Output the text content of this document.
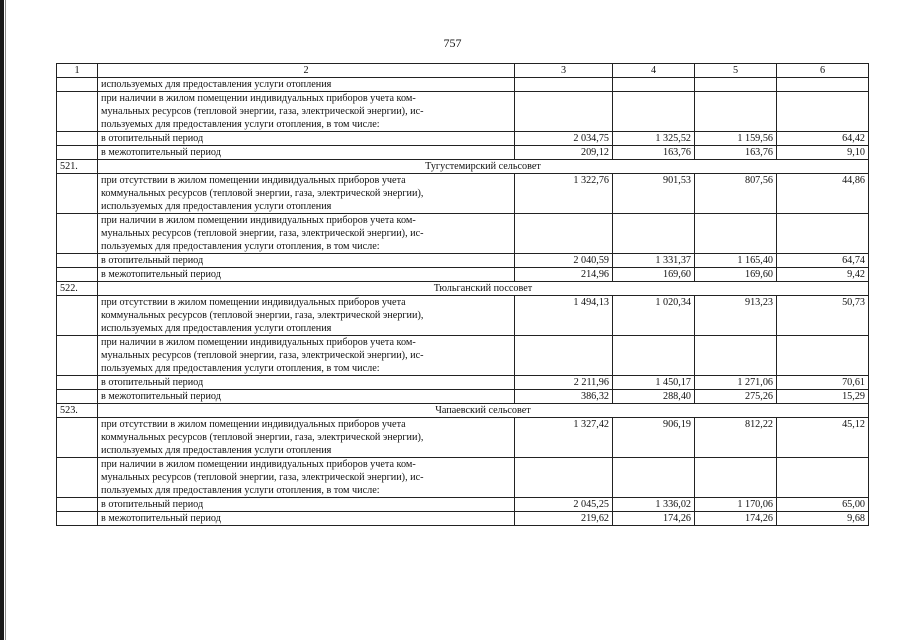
757
1	2	3	4	5	6
	используемых для предоставления услуги отопления				
	при наличии в жилом помещении индивидуальных приборов учета ком-				
	мунальных ресурсов (тепловой энергии, газа, электрической энергии), ис-				
	пользуемых для предоставления услуги отопления, в том числе:				
	в отопительный период	2 034,75	1 325,52	1 159,56	64,42
	в межотопительный период	209,12	163,76	163,76	9,10
521.	Тугустемирский сельсовет				
	при отсутствии в жилом помещении индивидуальных приборов учета	1 322,76	901,53	807,56	44,86
	коммунальных ресурсов (тепловой энергии, газа, электрической энергии),				
	используемых для предоставления услуги отопления				
	при наличии в жилом помещении индивидуальных приборов учета ком-				
	мунальных ресурсов (тепловой энергии, газа, электрической энергии), ис-				
	пользуемых для предоставления услуги отопления, в том числе:				
	в отопительный период	2 040,59	1 331,37	1 165,40	64,74
	в межотопительный период	214,96	169,60	169,60	9,42
522.	Тюльганский поссовет				
	при отсутствии в жилом помещении индивидуальных приборов учета	1 494,13	1 020,34	913,23	50,73
	коммунальных ресурсов (тепловой энергии, газа, электрической энергии),				
	используемых для предоставления услуги отопления				
	при наличии в жилом помещении индивидуальных приборов учета ком-				
	мунальных ресурсов (тепловой энергии, газа, электрической энергии), ис-				
	пользуемых для предоставления услуги отопления, в том числе:				
	в отопительный период	2 211,96	1 450,17	1 271,06	70,61
	в межотопительный период	386,32	288,40	275,26	15,29
523.	Чапаевский сельсовет				
	при отсутствии в жилом помещении индивидуальных приборов учета	1 327,42	906,19	812,22	45,12
	коммунальных ресурсов (тепловой энергии, газа, электрической энергии),				
	используемых для предоставления услуги отопления				
	при наличии в жилом помещении индивидуальных приборов учета ком-				
	мунальных ресурсов (тепловой энергии, газа, электрической энергии), ис-				
	пользуемых для предоставления услуги отопления, в том числе:				
	в отопительный период	2 045,25	1 336,02	1 170,06	65,00
	в межотопительный период	219,62	174,26	174,26	9,68
